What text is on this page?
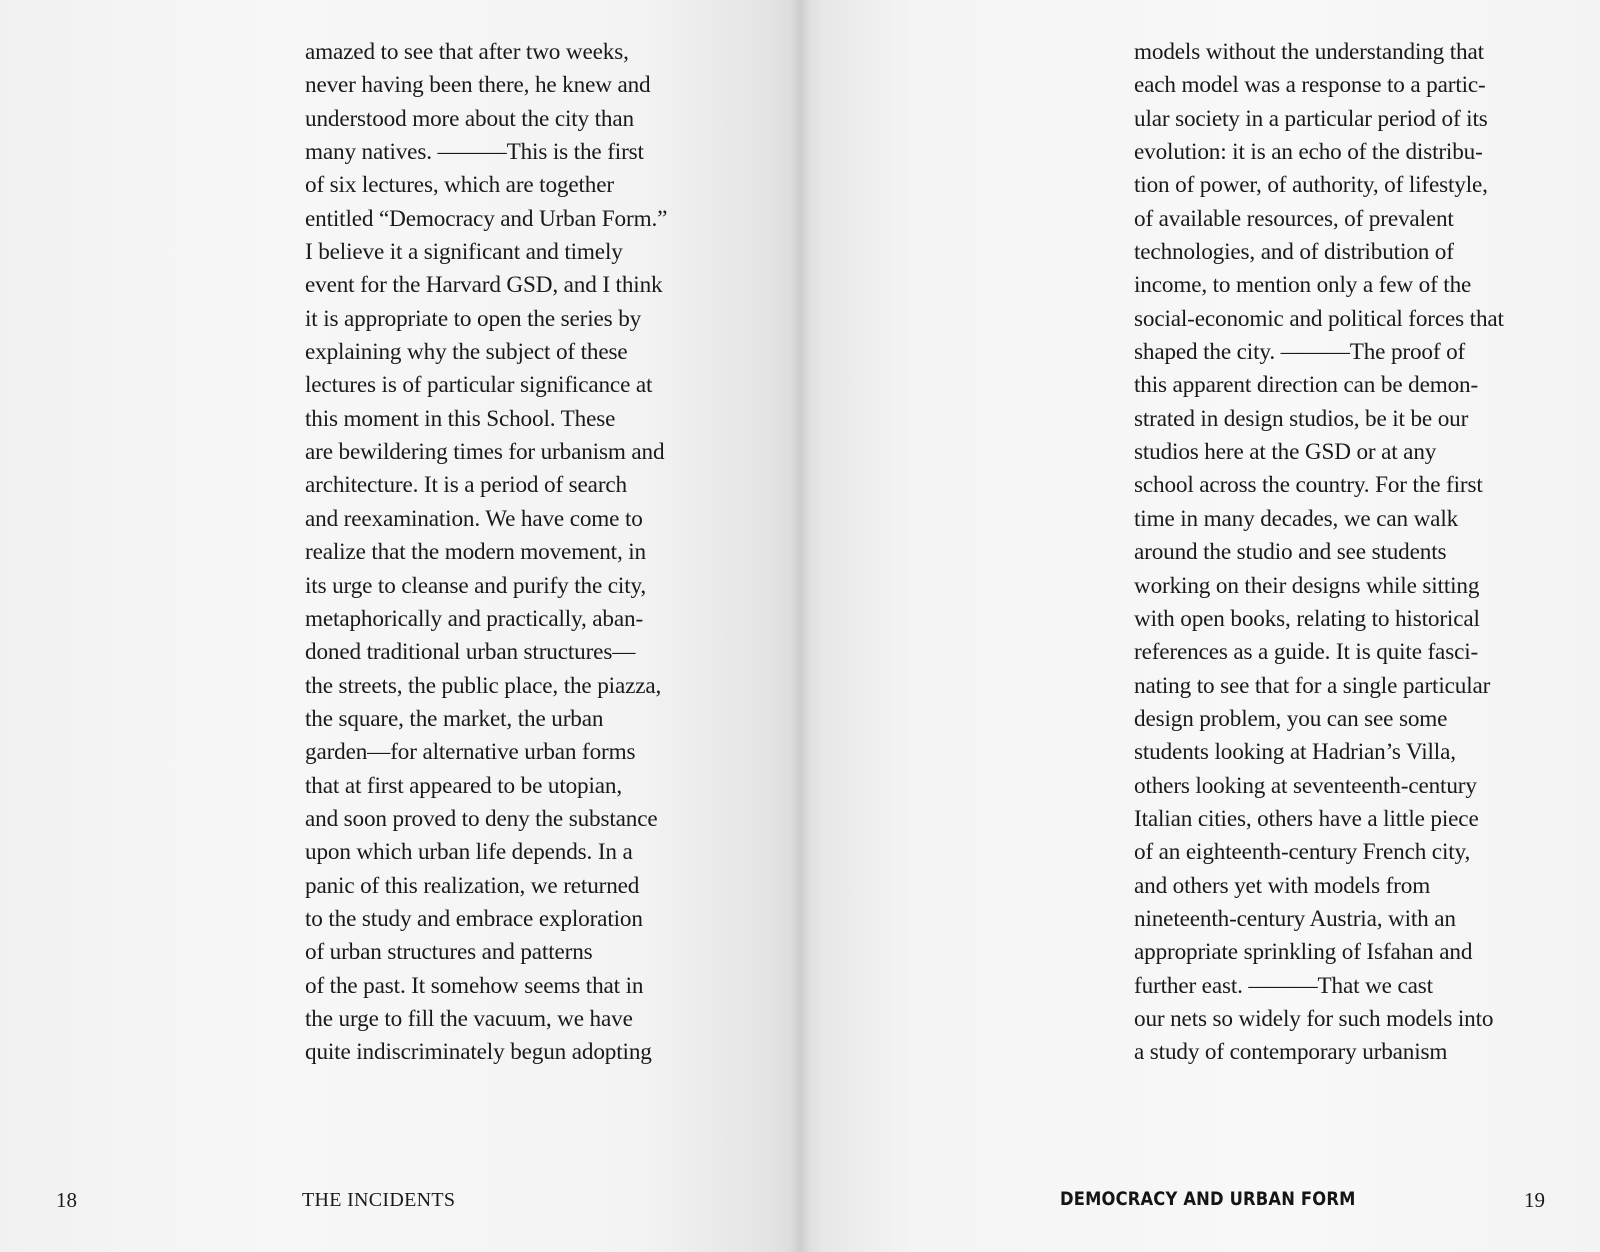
amazed to see that after two weeks,
never having been there, he knew and
understood more about the city than
many natives. ———This is the first
of six lectures, which are together
entitled “Democracy and Urban Form.”
I believe it a significant and timely
event for the Harvard GSD, and I think
it is appropriate to open the series by
explaining why the subject of these
lectures is of particular significance at
this moment in this School. These
are bewildering times for urbanism and
architecture. It is a period of search
and reexamination. We have come to
realize that the modern movement, in
its urge to cleanse and purify the city,
metaphorically and practically, aban-
doned traditional urban structures—
the streets, the public place, the piazza,
the square, the market, the urban
garden—for alternative urban forms
that at first appeared to be utopian,
and soon proved to deny the substance
upon which urban life depends. In a
panic of this realization, we returned
to the study and embrace exploration
of urban structures and patterns
of the past. It somehow seems that in
the urge to fill the vacuum, we have
quite indiscriminately begun adopting

18	THE INCIDENTS

models without the understanding that
each model was a response to a partic-
ular society in a particular period of its
evolution: it is an echo of the distribu-
tion of power, of authority, of lifestyle,
of available resources, of prevalent
technologies, and of distribution of
income, to mention only a few of the
social-economic and political forces that
shaped the city. ———The proof of
this apparent direction can be demon-
strated in design studios, be it be our
studios here at the GSD or at any
school across the country. For the first
time in many decades, we can walk
around the studio and see students
working on their designs while sitting
with open books, relating to historical
references as a guide. It is quite fasci-
nating to see that for a single particular
design problem, you can see some
students looking at Hadrian’s Villa,
others looking at seventeenth-century
Italian cities, others have a little piece
of an eighteenth-century French city,
and others yet with models from
nineteenth-century Austria, with an
appropriate sprinkling of Isfahan and
further east. ———That we cast
our nets so widely for such models into
a study of contemporary urbanism

DEMOCRACY AND URBAN FORM	19
